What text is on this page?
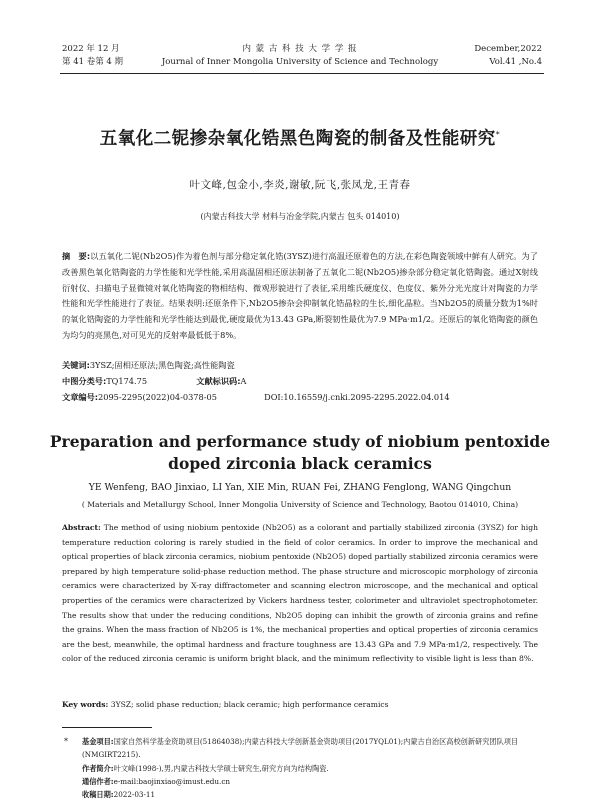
2022 年 12 月
第 41 卷第 4 期
内 蒙 古 科 技 大 学 学 报
Journal of Inner Mongolia University of Science and Technology
December,2022
Vol.41 ,No.4
五氧化二铌掺杂氧化锆黑色陶瓷的制备及性能研究*
叶文峰,包金小,李炎,谢敏,阮飞,张凤龙,王青春
(内蒙古科技大学 材料与冶金学院,内蒙古 包头 014010)
摘　要:以五氧化二铌(Nb2O5)作为着色剂与部分稳定氧化锆(3YSZ)进行高温还原着色的方法,在彩色陶瓷领域中鲜有人研究。为了改善黑色氧化锆陶瓷的力学性能和光学性能,采用高温固相还原法制备了五氧化二铌(Nb2O5)掺杂部分稳定氧化锆陶瓷。通过X射线衍射仪、扫描电子显微镜对氧化锆陶瓷的物相结构、微观形貌进行了表征,采用维氏硬度仪、色度仪、紫外分光光度计对陶瓷的力学性能和光学性能进行了表征。结果表明:还原条件下,Nb2O5掺杂会抑制氧化锆晶粒的生长,细化晶粒。当Nb2O5的质量分数为1%时的氧化锆陶瓷的力学性能和光学性能达到最优,硬度最优为13.43 GPa,断裂韧性最优为7.9 MPa·m1/2。还原后的氧化锆陶瓷的颜色为均匀的亮黑色,对可见光的反射率最低低于8%。
关键词:3YSZ;固相还原法;黑色陶瓷;高性能陶瓷
中图分类号:TQ174.75	文献标识码:A
文章编号:2095-2295(2022)04-0378-05	DOI:10.16559/j.cnki.2095-2295.2022.04.014
Preparation and performance study of niobium pentoxide
doped zirconia black ceramics
YE Wenfeng, BAO Jinxiao, LI Yan, XIE Min, RUAN Fei, ZHANG Fenglong, WANG Qingchun
( Materials and Metallurgy School, Inner Mongolia University of Science and Technology, Baotou 014010, China)
Abstract: The method of using niobium pentoxide (Nb2O5) as a colorant and partially stabilized zirconia (3YSZ) for high temperature reduction coloring is rarely studied in the field of color ceramics. In order to improve the mechanical and optical properties of black zirconia ceramics, niobium pentoxide (Nb2O5) doped partially stabilized zirconia ceramics were prepared by high temperature solid-phase reduction method. The phase structure and microscopic morphology of zirconia ceramics were characterized by X-ray diffractometer and scanning electron microscope, and the mechanical and optical properties of the ceramics were characterized by Vickers hardness tester, colorimeter and ultraviolet spectrophotometer. The results show that under the reducing conditions, Nb2O5 doping can inhibit the growth of zirconia grains and refine the grains. When the mass fraction of Nb2O5 is 1%, the mechanical properties and optical properties of zirconia ceramics are the best, meanwhile, the optimal hardness and fracture toughness are 13.43 GPa and 7.9 MPa·m1/2, respectively. The color of the reduced zirconia ceramic is uniform bright black, and the minimum reflectivity to visible light is less than 8%.
Key words: 3YSZ; solid phase reduction; black ceramic; high performance ceramics
* 基金项目:国家自然科学基金资助项目(51864038);内蒙古科技大学创新基金资助项目(2017YQL01);内蒙古自治区高校创新研究团队项目(NMGIRT2215).
作者简介:叶文峰(1998-),男,内蒙古科技大学硕士研究生,研究方向为结构陶瓷.
通信作者:e-mail:baojinxiao@imust.edu.cn
收稿日期:2022-03-11
